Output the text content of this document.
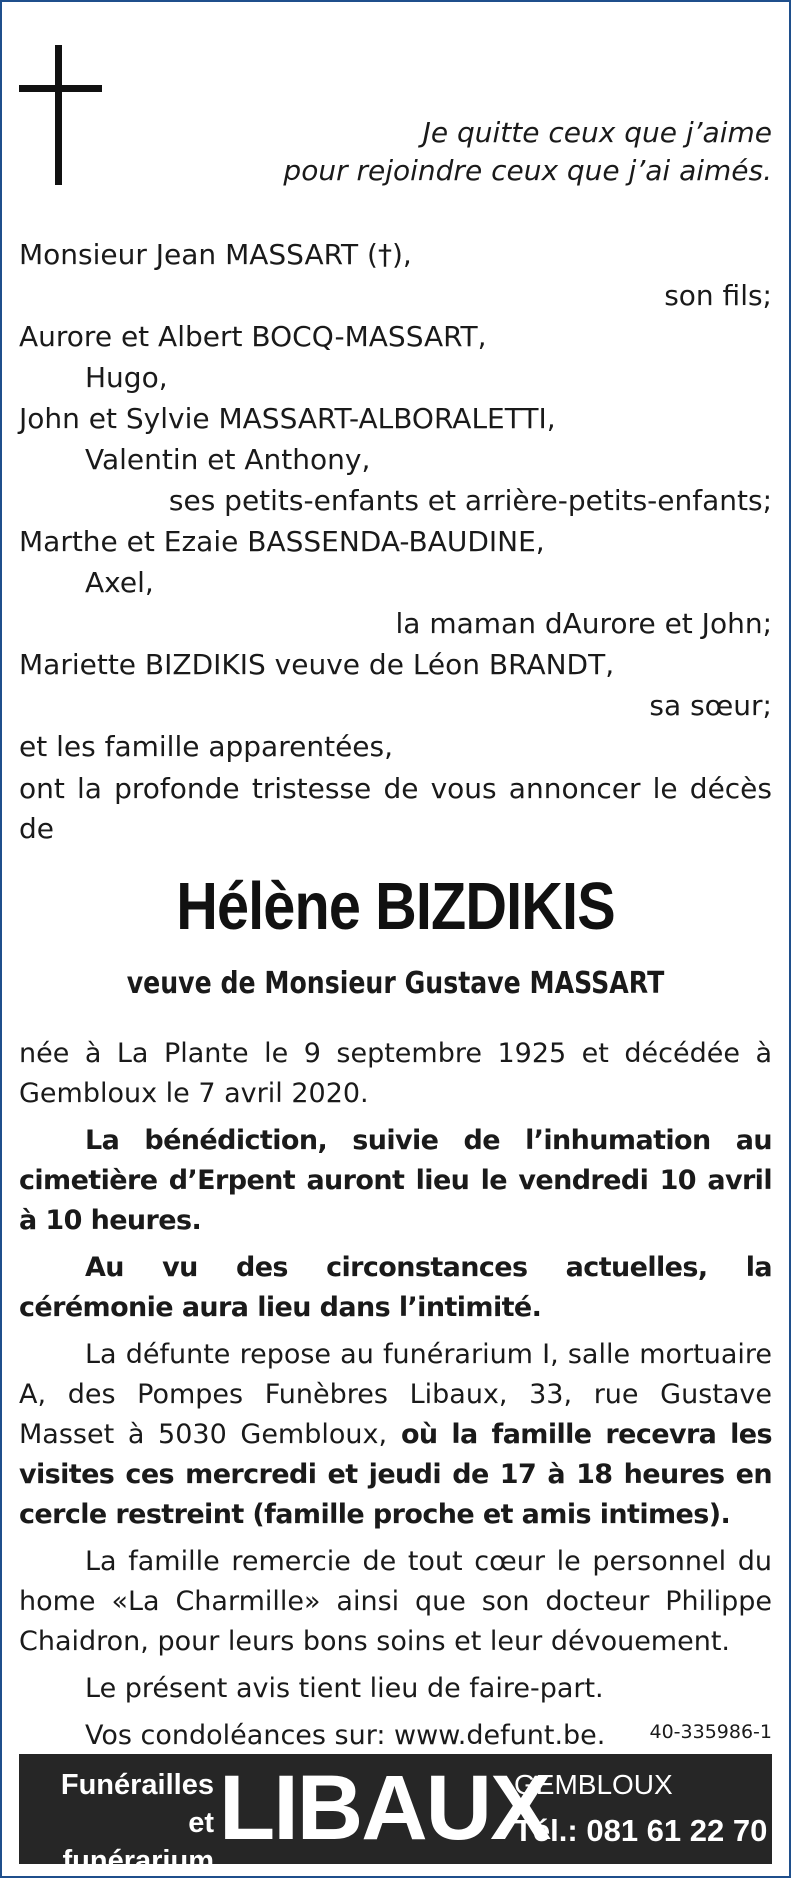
Je quitte ceux que j’aime
pour rejoindre ceux que j’ai aimés.
Monsieur Jean MASSART (†),
son fils;
Aurore et Albert BOCQ-MASSART,
Hugo,
John et Sylvie MASSART-ALBORALETTI,
Valentin et Anthony,
ses petits-enfants et arrière-petits-enfants;
Marthe et Ezaie BASSENDA-BAUDINE,
Axel,
la maman dAurore et John;
Mariette BIZDIKIS veuve de Léon BRANDT,
sa sœur;
et les famille apparentées,
ont la profonde tristesse de vous annoncer le décès de
Hélène BIZDIKIS
veuve de Monsieur Gustave MASSART

née à La Plante le 9 septembre 1925 et décédée à Gembloux le 7 avril 2020.

La bénédiction, suivie de l’inhumation au cimetière d’Erpent auront lieu le vendredi 10 avril à 10 heures.

Au vu des circonstances actuelles, la cérémonie aura lieu dans l’intimité.

La défunte repose au funérarium I, salle mortuaire A, des Pompes Funèbres Libaux, 33, rue Gustave Masset à 5030 Gembloux, où la famille recevra les visites ces mercredi et jeudi de 17 à 18 heures en cercle restreint (famille proche et amis intimes).

La famille remercie de tout cœur le personnel du home «La Charmille» ainsi que son docteur Philippe Chaidron, pour leurs bons soins et leur dévouement.

Le présent avis tient lieu de faire-part.

Vos condoléances sur: www.defunt.be.	40-335986-1
Funérailles
et funérarium
LIBAUX
GEMBLOUX
Tél.: 081 61 22 70
